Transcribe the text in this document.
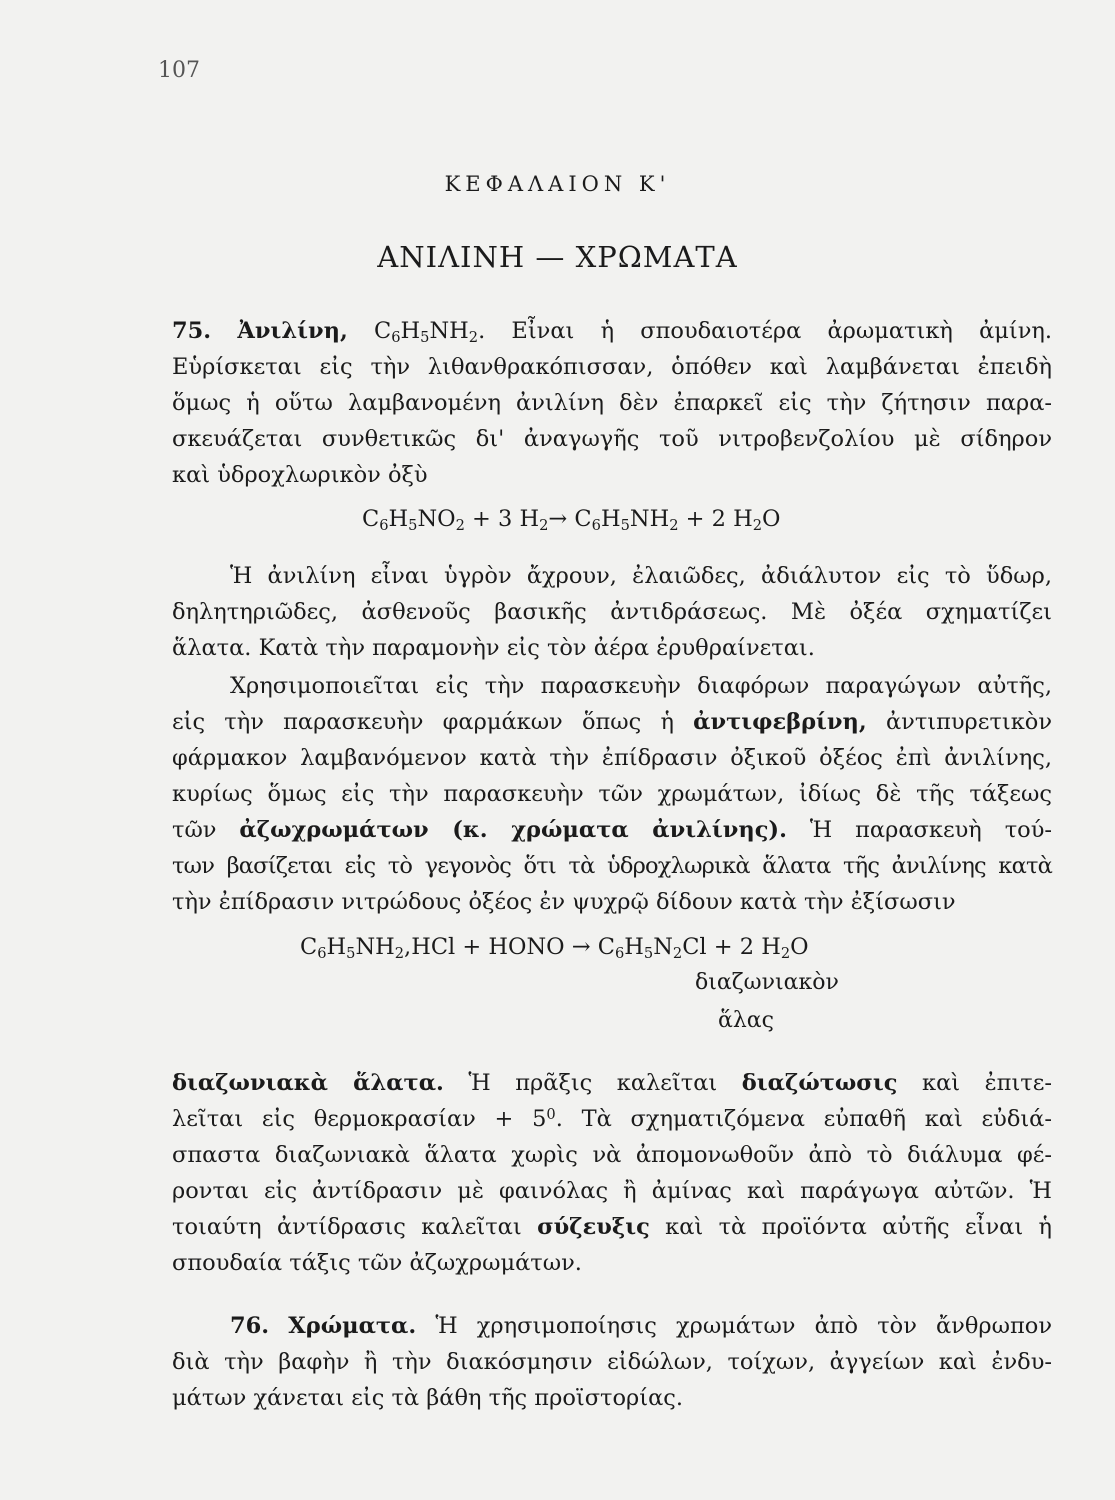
107
ΚΕΦΑΛΑΙΟΝ Κ'
ΑΝΙΛΙΝΗ — ΧΡΩΜΑΤΑ

75. Ἀνιλίνη, $C_6H_5NH_2$. Εἶναι ἡ σπουδαιοτέρα ἀρωματικὴ ἀμίνη.

Εὑρίσκεται εἰς τὴν λιθανθρακόπισσαν, ὁπόθεν καὶ λαμβάνεται ἐπειδὴ

ὅμως ἡ οὕτω λαμβανομένη ἀνιλίνη δὲν ἐπαρκεῖ εἰς τὴν ζήτησιν παρα-

σκευάζεται συνθετικῶς δι' ἀναγωγῆς τοῦ νιτροβενζολίου μὲ σίδηρον

καὶ ὑδροχλωρικὸν ὀξὺ

$C_6H_5NO_2 + 3$ $H_2\to C_6H_5NH_2 + 2$ $H_2O$

Ἡ ἀνιλίνη εἶναι ὑγρὸν ἄχρουν, ἐλαιῶδες, ἀδιάλυτον εἰς τὸ ὕδωρ,

δηλητηριῶδες, ἀσθενοῦς βασικῆς ἀντιδράσεως. Μὲ ὀξέα σχηματίζει

ἅλατα. Κατὰ τὴν παραμονὴν εἰς τὸν ἀέρα ἐρυθραίνεται.

Χρησιμοποιεῖται εἰς τὴν παρασκευὴν διαφόρων παραγώγων αὐτῆς,

εἰς τὴν παρασκευὴν φαρμάκων ὅπως ἡ ἀντιφεβρίνη, ἀντιπυρετικὸν

φάρμακον λαμβανόμενον κατὰ τὴν ἐπίδρασιν ὀξικοῦ ὀξέος ἐπὶ ἀνιλίνης,

κυρίως ὅμως εἰς τὴν παρασκευὴν τῶν χρωμάτων, ἰδίως δὲ τῆς τάξεως

τῶν ἀζωχρωμάτων (κ. χρώματα ἀνιλίνης). Ἡ παρασκευὴ τού-

των βασίζεται εἰς τὸ γεγονὸς ὅτι τὰ ὑδροχλωρικὰ ἅλατα τῆς ἀνιλίνης κατὰ

τὴν ἐπίδρασιν νιτρώδους ὀξέος ἐν ψυχρῷ δίδουν κατὰ τὴν ἐξίσωσιν

$C_6H_5NH_2,HCl$ + HONO → $C_6H_5N_2Cl + 2$ $H_2O$
διαζωνιακὸν
ἅλας

διαζωνιακὰ ἅλατα. Ἡ πρᾶξις καλεῖται διαζώτωσις καὶ ἐπιτε-

λεῖται εἰς $\theta\varepsilon\rho\mu o\kappa\rho\alpha\sigma ί\alpha\nu + 5^0$. Τὰ σχηματιζόμενα εὐπαθῆ καὶ εὐδιά-

σπαστα διαζωνιακὰ ἅλατα χωρὶς νὰ ἀπομονωθοῦν ἀπὸ τὸ διάλυμα φέ-

ρονται εἰς ἀντίδρασιν μὲ φαινόλας ἢ ἀμίνας καὶ παράγωγα αὐτῶν. Ἡ

τοιαύτη ἀντίδρασις καλεῖται σύζευξις καὶ τὰ προϊόντα αὐτῆς εἶναι ἡ

σπουδαία τάξις τῶν ἀζωχρωμάτων.

76. Χρώματα. Ἡ χρησιμοποίησις χρωμάτων ἀπὸ τὸν ἄνθρωπον

διὰ τὴν βαφὴν ἢ τὴν διακόσμησιν εἰδώλων, τοίχων, ἀγγείων καὶ ἐνδυ-

μάτων χάνεται εἰς τὰ βάθη τῆς προϊστορίας.
